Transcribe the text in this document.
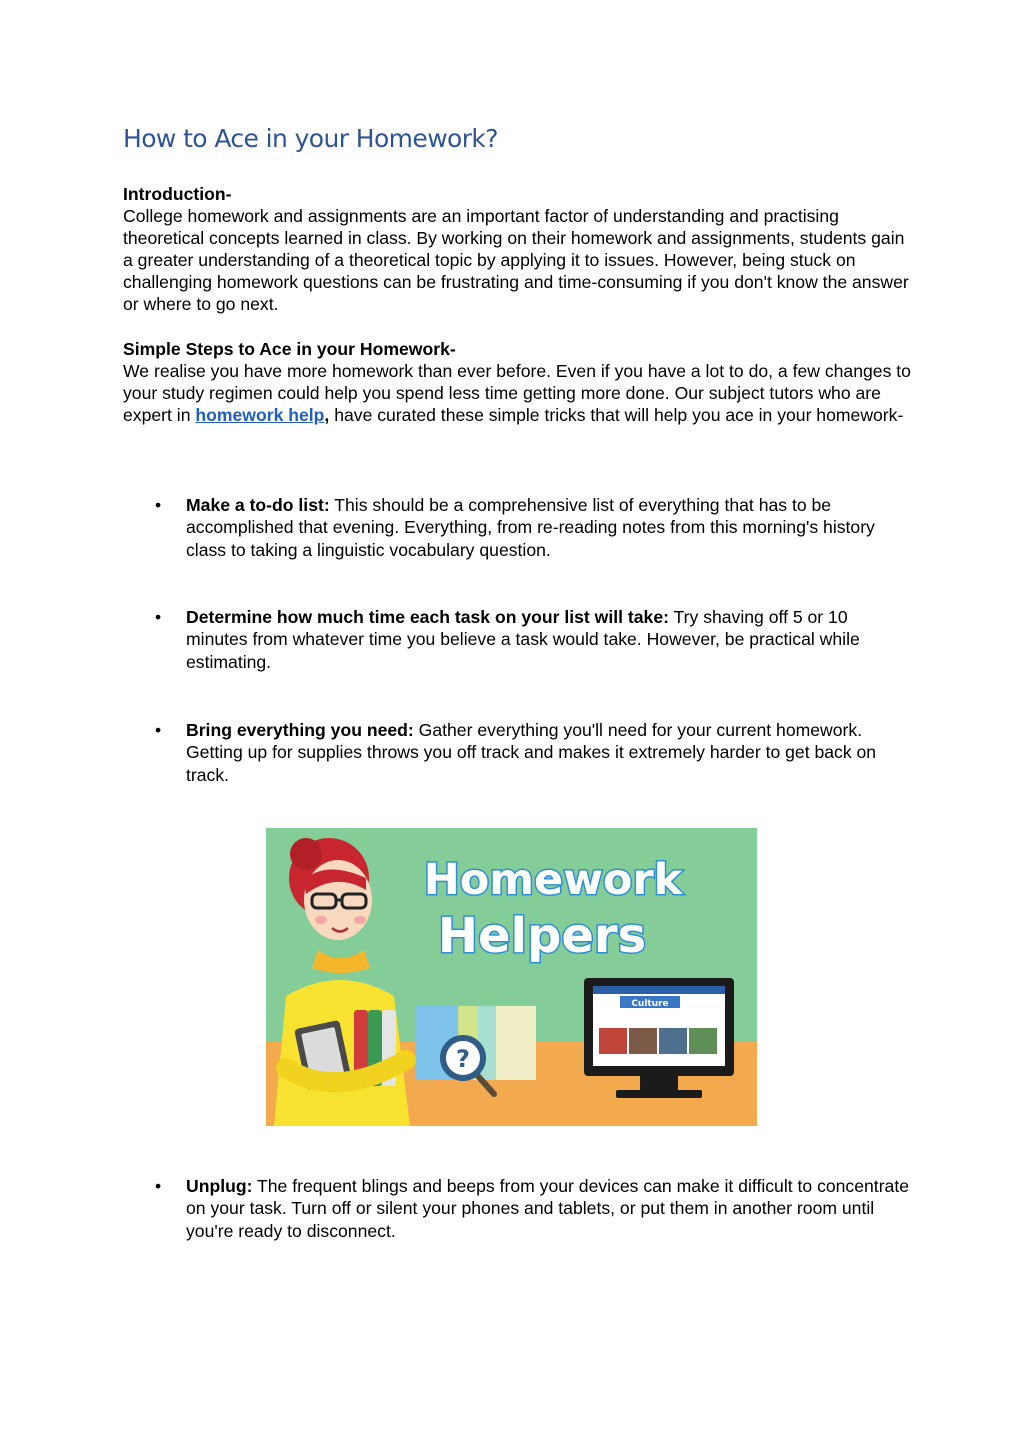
How to Ace in your Homework?

Introduction-

College homework and assignments are an important factor of understanding and practising theoretical concepts learned in class. By working on their homework and assignments, students gain a greater understanding of a theoretical topic by applying it to issues. However, being stuck on challenging homework questions can be frustrating and time-consuming if you don't know the answer or where to go next.

Simple Steps to Ace in your Homework-

We realise you have more homework than ever before. Even if you have a lot to do, a few changes to your study regimen could help you spend less time getting more done. Our subject tutors who are expert in homework help, have curated these simple tricks that will help you ace in your homework-

• Make a to-do list: This should be a comprehensive list of everything that has to be accomplished that evening. Everything, from re-reading notes from this morning's history class to taking a linguistic vocabulary question.
• Determine how much time each task on your list will take: Try shaving off 5 or 10 minutes from whatever time you believe a task would take. However, be practical while estimating.
• Bring everything you need: Gather everything you'll need for your current homework. Getting up for supplies throws you off track and makes it extremely harder to get back on track.
Homework
Helpers
?
Culture
• Unplug: The frequent blings and beeps from your devices can make it difficult to concentrate on your task. Turn off or silent your phones and tablets, or put them in another room until you're ready to disconnect.
